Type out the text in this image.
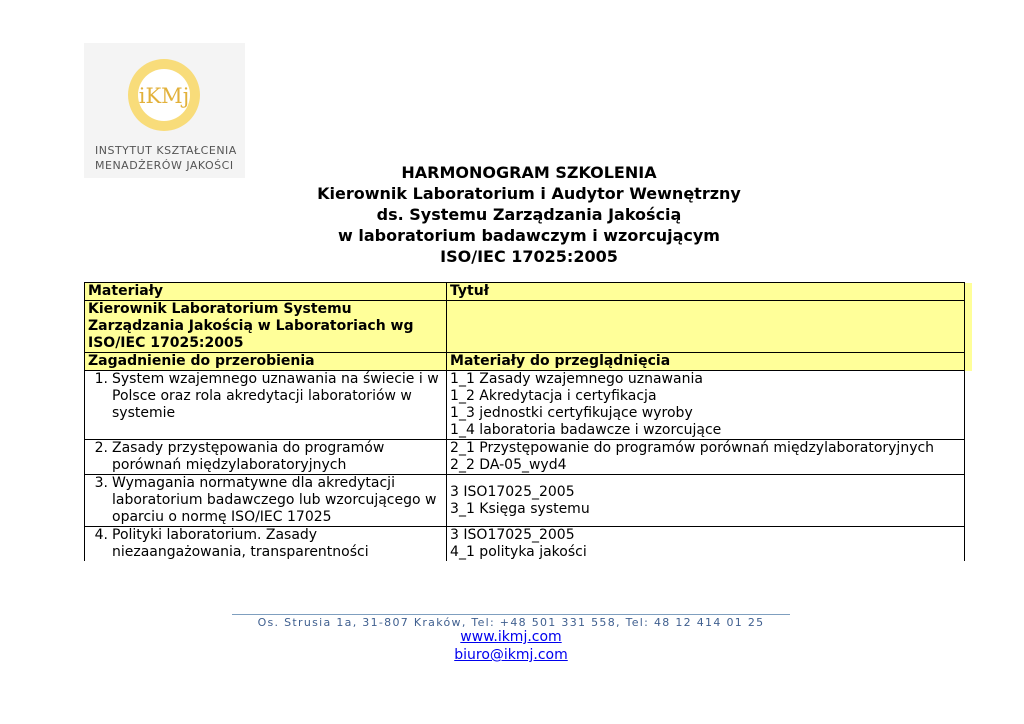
iKMj
INSTYTUT KSZTAŁCENIA
MENADŻERÓW JAKOŚCI	HARMONOGRAM SZKOLENIA
Kierownik Laboratorium i Audytor Wewnętrzny
ds. Systemu Zarządzania Jakością
w laboratorium badawczym i wzorcującym
ISO/IEC 17025:2005
Materiały	Tytuł	
Kierownik Laboratorium Systemu Zarządzania Jakością w Laboratoriach wg ISO/IEC 17025:2005		
Zagadnienie do przerobienia	Materiały do przeglądnięcia	

1. System wzajemnego uznawania na świecie i w Polsce oraz rola akredytacji laboratoriów w systemie	1_1 Zasady wzajemnego uznawania
1_2 Akredytacja i certyfikacja
1_3 jednostki certyfikujące wyroby
1_4 laboratoria badawcze i wzorcujące	

2. Zasady przystępowania do programów porównań międzylaboratoryjnych	2_1 Przystępowanie do programów porównań międzylaboratoryjnych
2_2 DA-05_wyd4	

3. Wymagania normatywne dla akredytacji laboratorium badawczego lub wzorcującego w oparciu o normę ISO/IEC 17025	3 ISO17025_2005
3_1 Księga systemu	

4. Polityki laboratorium. Zasady niezaangażowania, transparentności	3 ISO17025_2005
4_1 polityka jakości	

Os. Strusia 1a, 31-807 Kraków, Tel: +48 501 331 558, Tel: 48 12 414 01 25
www.ikmj.com
biuro@ikmj.com
